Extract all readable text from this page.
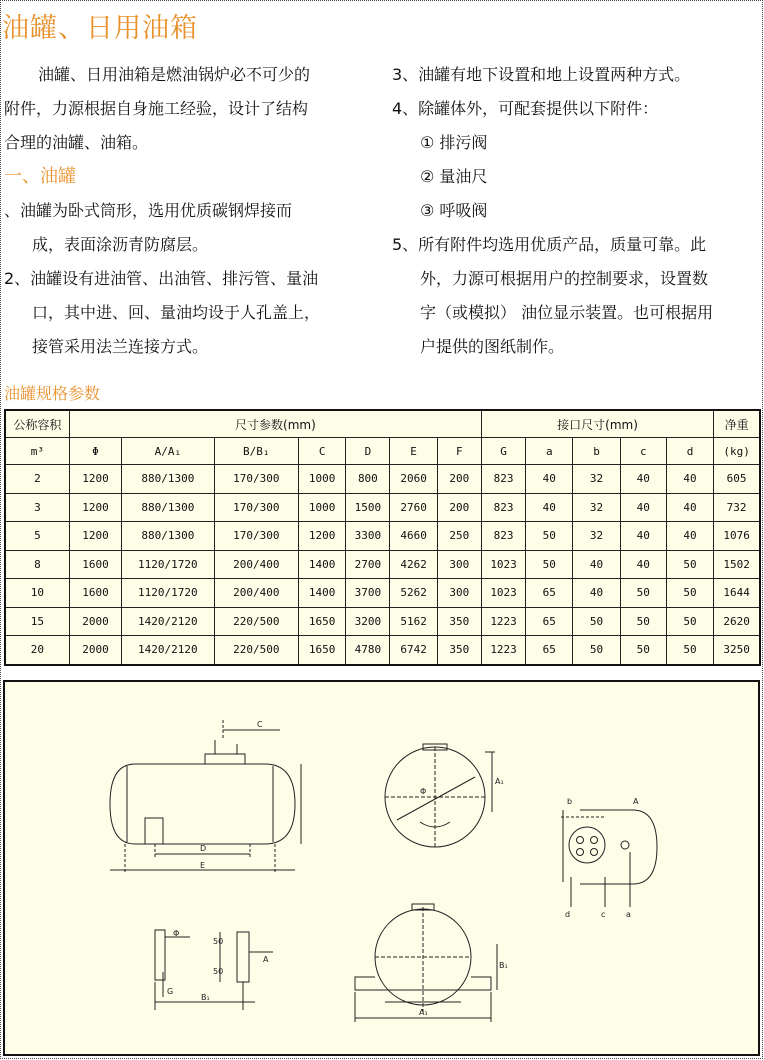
油罐、日用油箱
油罐、日用油箱是燃油锅炉必不可少的
附件，力源根据自身施工经验，设计了结构
合理的油罐、油箱。
一、油罐
、油罐为卧式筒形，选用优质碳钢焊接而
成，表面涂沥青防腐层。
2、油罐设有进油管、出油管、排污管、量油
口，其中进、回、量油均设于人孔盖上，
接管采用法兰连接方式。
3、油罐有地下设置和地上设置两种方式。
4、除罐体外，可配套提供以下附件：
① 排污阀
② 量油尺
③ 呼吸阀
5、所有附件均选用优质产品，质量可靠。此
外，力源可根据用户的控制要求，设置数
字（或模拟） 油位显示装置。也可根据用
户提供的图纸制作。
油罐规格参数
公称容积	尺寸参数(mm)							接口尺寸(mm)					净重
m³	Φ	A/A₁	B/B₁	C	D	E	F	G	a	b	c	d	(kg)
2	1200	880/1300	170/300	1000	800	2060	200	823	40	32	40	40	605
3	1200	880/1300	170/300	1000	1500	2760	200	823	40	32	40	40	732
5	1200	880/1300	170/300	1200	3300	4660	250	823	50	32	40	40	1076
8	1600	1120/1720	200/400	1400	2700	4262	300	1023	50	40	40	50	1502
10	1600	1120/1720	200/400	1400	3700	5262	300	1023	65	40	50	50	1644
15	2000	1420/2120	220/500	1650	3200	5162	350	1223	65	50	50	50	2620
20	2000	1420/2120	220/500	1650	4780	6742	350	1223	65	50	50	50	3250
C
D
E
Φ
A₁
A
b
d	c	a
Φ
50
50
A
G
B₁
A₁
B₁
